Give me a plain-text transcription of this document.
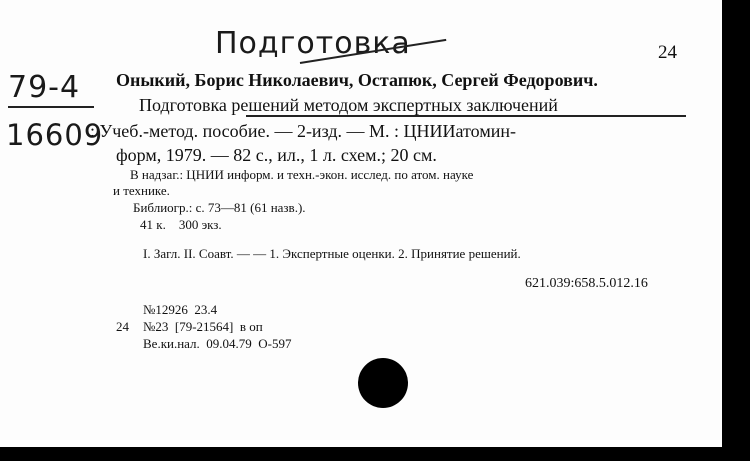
Подготовка
79-4
16609
24
Оныкий, Борис Николаевич, Остапюк, Сергей Федорович.
Подготовка решений методом экспертных заключений
: Учеб.-метод. пособие. — 2-изд. — М. : ЦНИИатомин-
форм, 1979. — 82 с., ил., 1 л. схем.; 20 см.
В надзаг.: ЦНИИ информ. и техн.-экон. исслед. по атом. науке
и технике.
Библиогр.: с. 73—81 (61 назв.).
41 к.    300 экз.
I. Загл. II. Соавт. — — 1. Экспертные оценки. 2. Принятие решений.
621.039:658.5.012.16
№12926  23.4
24 №23  [79-21564]  в оп
Ве.ки.нал.  09.04.79  О-597
